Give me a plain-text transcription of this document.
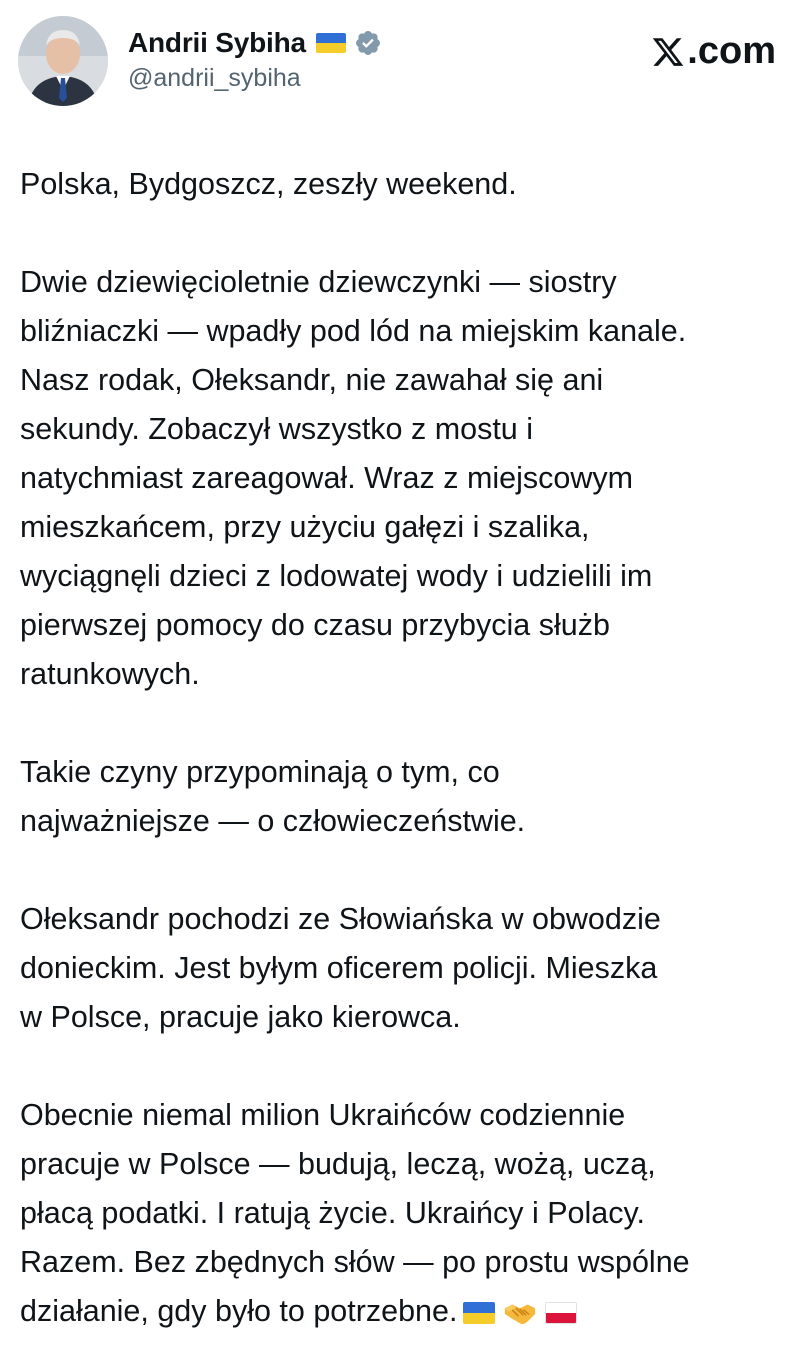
Andrii Sybiha
@andrii_sybiha
.com
Polska, Bydgoszcz, zeszły weekend.
Dwie dziewięcioletnie dziewczynki — siostry
bliźniaczki — wpadły pod lód na miejskim kanale.
Nasz rodak, Ołeksandr, nie zawahał się ani
sekundy. Zobaczył wszystko z mostu i
natychmiast zareagował. Wraz z miejscowym
mieszkańcem, przy użyciu gałęzi i szalika,
wyciągnęli dzieci z lodowatej wody i udzielili im
pierwszej pomocy do czasu przybycia służb
ratunkowych.
Takie czyny przypominają o tym, co
najważniejsze — o człowieczeństwie.
Ołeksandr pochodzi ze Słowiańska w obwodzie
donieckim. Jest byłym oficerem policji. Mieszka
w Polsce, pracuje jako kierowca.
Obecnie niemal milion Ukraińców codziennie
pracuje w Polsce — budują, leczą, wożą, uczą,
płacą podatki. I ratują życie. Ukraińcy i Polacy.
Razem. Bez zbędnych słów — po prostu wspólne
działanie, gdy było to potrzebne.
